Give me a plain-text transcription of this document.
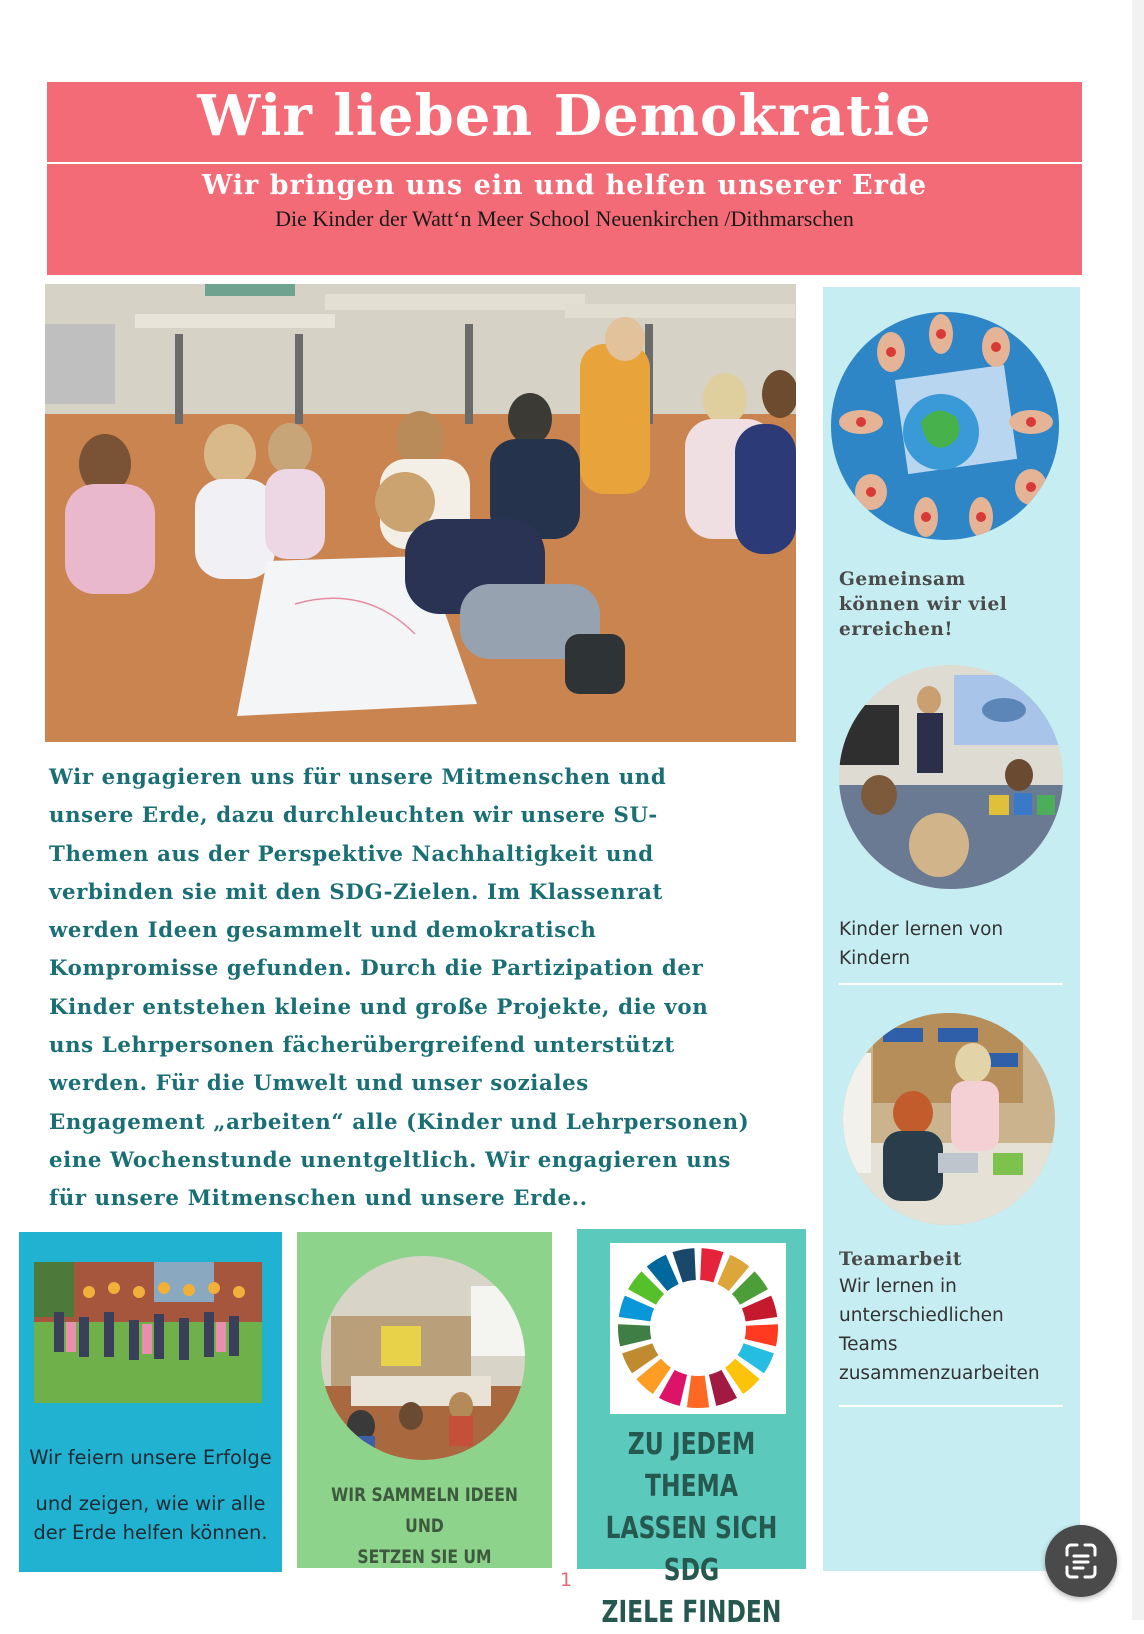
Wir lieben Demokratie
Wir bringen uns ein und helfen unserer Erde
Die Kinder der Watt‘n Meer School Neuenkirchen /Dithmarschen
Wir engagieren uns für unsere Mitmenschen und
unsere Erde, dazu durchleuchten wir unsere SU-
Themen aus der Perspektive Nachhaltigkeit und
verbinden sie mit den SDG-Zielen. Im Klassenrat
werden Ideen gesammelt und demokratisch
Kompromisse gefunden. Durch die Partizipation der
Kinder entstehen kleine und große Projekte, die von
uns Lehrpersonen fächerübergreifend unterstützt
werden. Für die Umwelt und unser soziales
Engagement „arbeiten“ alle (Kinder und Lehrpersonen)
eine Wochenstunde unentgeltlich. Wir engagieren uns
für unsere Mitmenschen und unsere Erde..
Gemeinsam
können wir viel
erreichen!
Kinder lernen von
Kindern
Teamarbeit
Wir lernen in
unterschiedlichen
Teams
zusammenzuarbeiten
Wir feiern unsere Erfolge
und zeigen, wie wir alle
der Erde helfen können.
WIR SAMMELN IDEEN UND
SETZEN SIE UM
ZU JEDEM THEMA
LASSEN SICH SDG
ZIELE FINDEN
1
